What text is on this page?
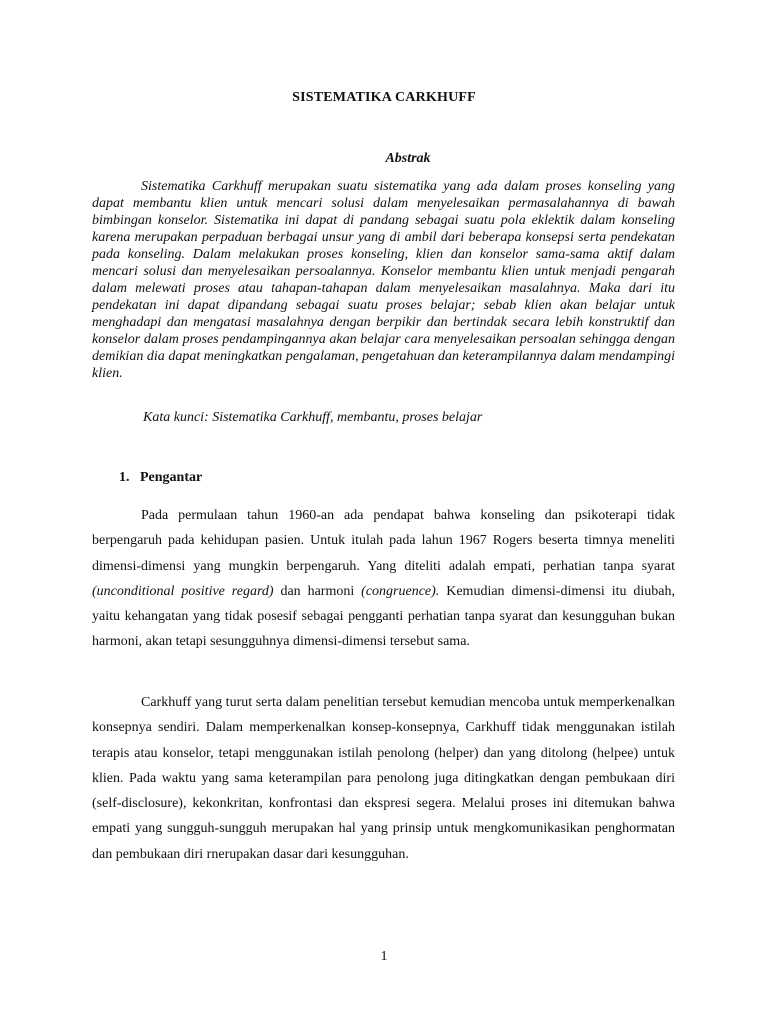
SISTEMATIKA CARKHUFF
Abstrak

Sistematika Carkhuff merupakan suatu sistematika yang ada dalam proses konseling yang dapat membantu klien untuk mencari solusi dalam menyelesaikan permasalahannya di bawah bimbingan konselor. Sistematika ini dapat di pandang sebagai suatu pola eklektik dalam konseling karena merupakan perpaduan berbagai unsur yang di ambil dari beberapa konsepsi serta pendekatan pada konseling. Dalam melakukan proses konseling, klien dan konselor sama-sama aktif dalam mencari solusi dan menyelesaikan persoalannya. Konselor membantu klien untuk menjadi pengarah dalam melewati proses atau tahapan-tahapan dalam menyelesaikan masalahnya. Maka dari itu pendekatan ini dapat dipandang sebagai suatu proses belajar; sebab klien akan belajar untuk menghadapi dan mengatasi masalahnya dengan berpikir dan bertindak secara lebih konstruktif dan konselor dalam proses pendampingannya akan belajar cara menyelesaikan persoalan sehingga dengan demikian dia dapat meningkatkan pengalaman, pengetahuan dan keterampilannya dalam mendampingi klien.

Kata kunci: Sistematika Carkhuff, membantu, proses belajar

1. Pengantar

Pada permulaan tahun 1960-an ada pendapat bahwa konseling dan psikoterapi tidak berpengaruh pada kehidupan pasien. Untuk itulah pada lahun 1967 Rogers beserta timnya meneliti dimensi-dimensi yang mungkin berpengaruh. Yang diteliti adalah empati, perhatian tanpa syarat (unconditional positive regard) dan harmoni (congruence). Kemudian dimensi-dimensi itu diubah, yaitu kehangatan yang tidak posesif sebagai pengganti perhatian tanpa syarat dan kesungguhan bukan harmoni, akan tetapi sesungguhnya dimensi-dimensi tersebut sama.

Carkhuff yang turut serta dalam penelitian tersebut kemudian mencoba untuk memperkenalkan konsepnya sendiri. Dalam memperkenalkan konsep-konsepnya, Carkhuff tidak menggunakan istilah terapis atau konselor, tetapi menggunakan istilah penolong (helper) dan yang ditolong (helpee) untuk klien. Pada waktu yang sama keterampilan para penolong juga ditingkatkan dengan pembukaan diri (self-disclosure), kekonkritan, konfrontasi dan ekspresi segera. Melalui proses ini ditemukan bahwa empati yang sungguh-sungguh merupakan hal yang prinsip untuk mengkomunikasikan penghormatan dan pembukaan diri rnerupakan dasar dari kesungguhan.

1
